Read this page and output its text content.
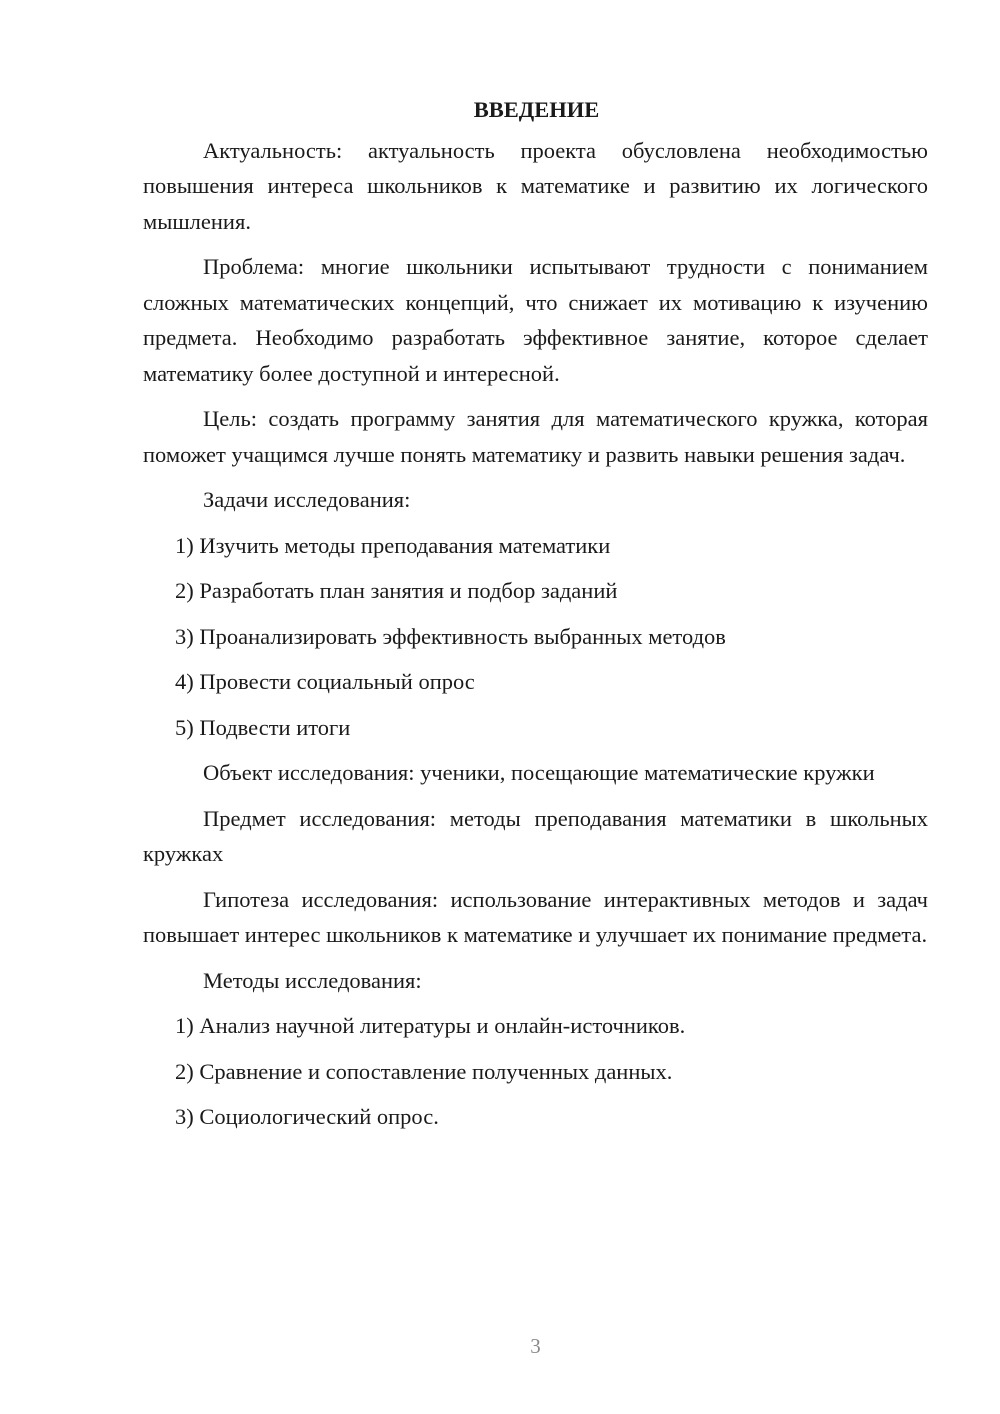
ВВЕДЕНИЕ

Актуальность: актуальность проекта обусловлена необходимостью повышения интереса школьников к математике и развитию их логического мышления.

Проблема: многие школьники испытывают трудности с пониманием сложных математических концепций, что снижает их мотивацию к изучению предмета. Необходимо разработать эффективное занятие, которое сделает математику более доступной и интересной.

Цель: создать программу занятия для математического кружка, которая поможет учащимся лучше понять математику и развить навыки решения задач.

Задачи исследования:

1) Изучить методы преподавания математики
2) Разработать план занятия и подбор заданий
3) Проанализировать эффективность выбранных методов
4) Провести социальный опрос
5) Подвести итоги

Объект исследования: ученики, посещающие математические кружки

Предмет исследования: методы преподавания математики в школьных кружках

Гипотеза исследования: использование интерактивных методов и задач повышает интерес школьников к математике и улучшает их понимание предмета.

Методы исследования:

1) Анализ научной литературы и онлайн-источников.
2) Сравнение и сопоставление полученных данных.
3) Социологический опрос.
3
